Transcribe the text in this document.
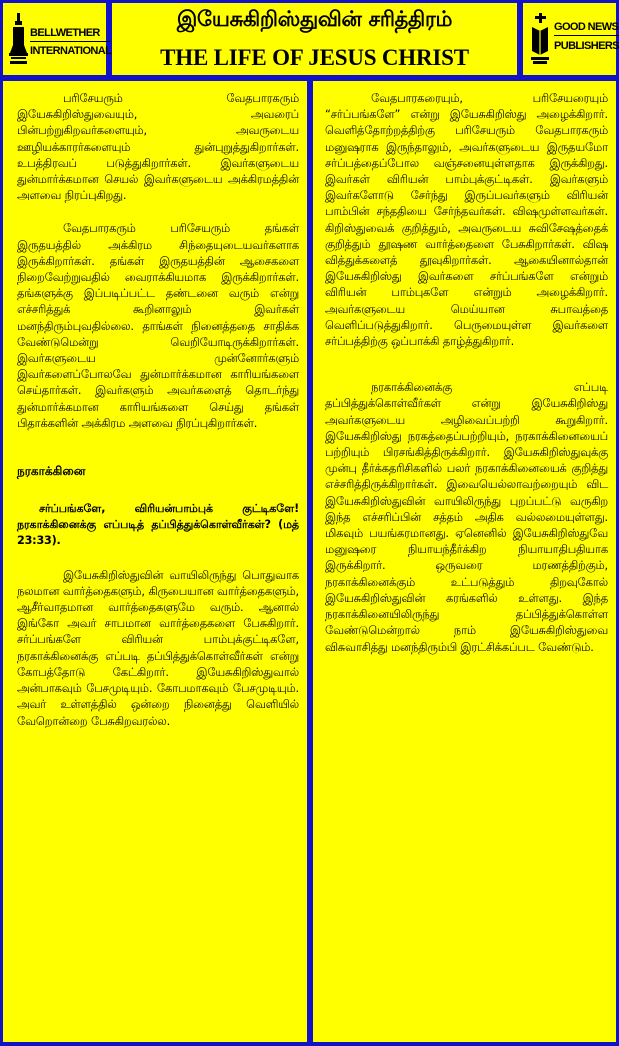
BELLWETHER
INTERNATIONAL
இயேசுகிறிஸ்துவின் சரித்திரம்
THE LIFE OF JESUS CHRIST
GOOD NEWS
PUBLISHERS

பரிசேயரும் வேதபாரகரும் இயேசுகிறிஸ்துவையும், அவரைப் பின்பற்றுகிறவர்களையும், அவருடைய ஊழியக்காரர்களையும் துன்புறுத்துகிறார்கள். உபத்திரவப் படுத்துகிறார்கள். இவர்களுடைய துன்மார்க்கமான செயல் இவர்களுடைய அக்கிரமத்தின் அளவை நிரப்புகிறது.

வேதபாரகரும் பரிசேயரும் தங்கள் இருதயத்தில் அக்கிரம சிந்தையுடையவர்களாக இருக்கிறார்கள். தங்கள் இருதயத்தின் ஆசைகளை நிறைவேற்றுவதில் வைராக்கியமாக இருக்கிறார்கள். தங்களுக்கு இப்படிப்பட்ட தண்டனை வரும் என்று எச்சரித்துக் கூறினாலும் இவர்கள் மனந்திரும்புவதில்லை. தாங்கள் நினைத்ததை சாதிக்க வேண்டுமென்று வெறியோடிருக்கிறார்கள். இவர்களுடைய முன்னோர்களும் இவர்களைப்போலவே துன்மார்க்கமான காரியங்களை செய்தார்கள். இவர்களும் அவர்களைத் தொடர்ந்து துன்மார்க்கமான காரியங்களை செய்து தங்கள் பிதாக்களின் அக்கிரம அளவை நிரப்புகிறார்கள்.

நரகாக்கினை

சர்ப்பங்களே, விரியன்பாம்புக் குட்டிகளே! நரகாக்கினைக்கு எப்படித் தப்பித்துக்கொள்வீர்கள்? (மத் 23:33).

இயேசுகிறிஸ்துவின் வாயிலிருந்து பொதுவாக நலமான வார்த்தைகளும், கிருபையான வார்த்தைகளும், ஆசீர்வாதமான வார்த்தைகளுமே வரும். ஆனால் இங்கோ அவர் சாபமான வார்த்தைகளை பேசுகிறார். சர்ப்பங்களே விரியன் பாம்புக்குட்டிகளே, நரகாக்கினைக்கு எப்படி தப்பித்துக்கொள்வீர்கள் என்று கோபத்தோடு கேட்கிறார். இயேசுகிறிஸ்துவால் அன்பாகவும் பேசமுடியும். கோபமாகவும் பேசமுடியும். அவர் உள்ளத்தில் ஒன்றை நினைத்து வெளியில் வேறொன்றை பேசுகிறவரல்ல.

வேதபாரகரையும், பரிசேயரையும் “சர்ப்பங்களே” என்று இயேசுகிறிஸ்து அழைக்கிறார். வெளித்தோற்றத்திற்கு பரிசேயரும் வேதபாரகரும் மனுஷராக இருந்தாலும், அவர்களுடைய இருதயமோ சர்ப்பத்தைப்போல வஞ்சனையுள்ளதாக இருக்கிறது. இவர்கள் விரியன் பாம்புக்குட்டிகள். இவர்களும் இவர்களோடு சேர்ந்து இருப்பவர்களும் விரியன் பாம்பின் சந்ததியை சேர்ந்தவர்கள். விஷமுள்ளவர்கள். கிறிஸ்துவைக் குறித்தும், அவருடைய சுவிசேஷத்தைக் குறித்தும் தூஷண வார்த்தைளை பேசுகிறார்கள். விஷ வித்துக்களைத் தூவுகிறார்கள். ஆகையினால்தான் இயேசுகிறிஸ்து இவர்களை சர்ப்பங்களே என்றும் விரியன் பாம்புகளே என்றும் அழைக்கிறார். அவர்களுடைய மெய்யான சுபாவத்தை வெளிப்படுத்துகிறார். பெருமையுள்ள இவர்களை சர்ப்பத்திற்கு ஒப்பாக்கி தாழ்த்துகிறார்.

நரகாக்கினைக்கு எப்படி தப்பித்துக்கொள்வீர்கள் என்று இயேசுகிறிஸ்து அவர்களுடைய அழிவைப்பற்றி கூறுகிறார். இயேசுகிறிஸ்து நரகத்தைப்பற்றியும், நரகாக்கினையைப் பற்றியும் பிரசங்கித்திருக்கிறார். இயேசுகிறிஸ்துவுக்கு முன்பு தீர்க்கதரிசிகளில் பலர் நரகாக்கினையைக் குறித்து எச்சரித்திருக்கிறார்கள். இவையெல்லாவற்றையும் விட இயேசுகிறிஸ்துவின் வாயிலிருந்து புறப்பட்டு வருகிற இந்த எச்சரிப்பின் சத்தம் அதிக வல்லமையுள்ளது. மிகவும் பயங்கரமானது. ஏனெனில் இயேசுகிறிஸ்துவே மனுஷரை நியாயந்தீர்க்கிற நியாயாதிபதியாக இருக்கிறார். ஒருவரை மரணத்திற்கும், நரகாக்கினைக்கும் உட்படுத்தும் திறவுகோல் இயேசுகிறிஸ்துவின் கரங்களில் உள்ளது. இந்த நரகாக்கினையிலிருந்து தப்பித்துக்கொள்ள வேண்டுமென்றால் நாம் இயேசுகிறிஸ்துவை விசுவாசித்து மனந்திரும்பி இரட்சிக்கப்பட வேண்டும்.
